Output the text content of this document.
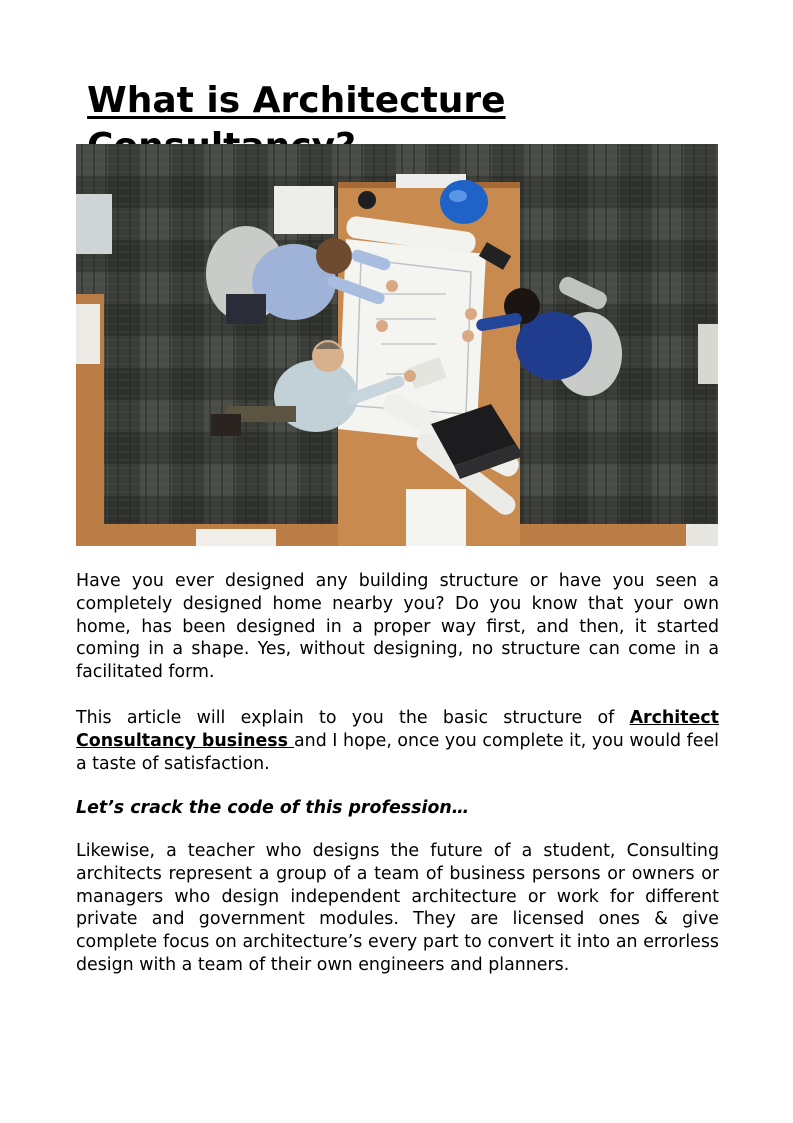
What is Architecture

Have you ever designed any building structure or have you seen a completely designed home nearby you? Do you know that your own home, has been designed in a proper way first, and then, it started coming in a shape. Yes, without designing, no structure can come in a facilitated form.

This article will explain to you the basic structure of Architect Consultancy business and I hope, once you complete it, you would feel a taste of satisfaction.

Let’s crack the code of this profession…

Likewise, a teacher who designs the future of a student, Consulting architects represent a group of a team of business persons or owners or managers who design independent architecture or work for different private and government modules. They are licensed ones & give complete focus on architecture’s every part to convert it into an errorless design with a team of their own engineers and planners.
